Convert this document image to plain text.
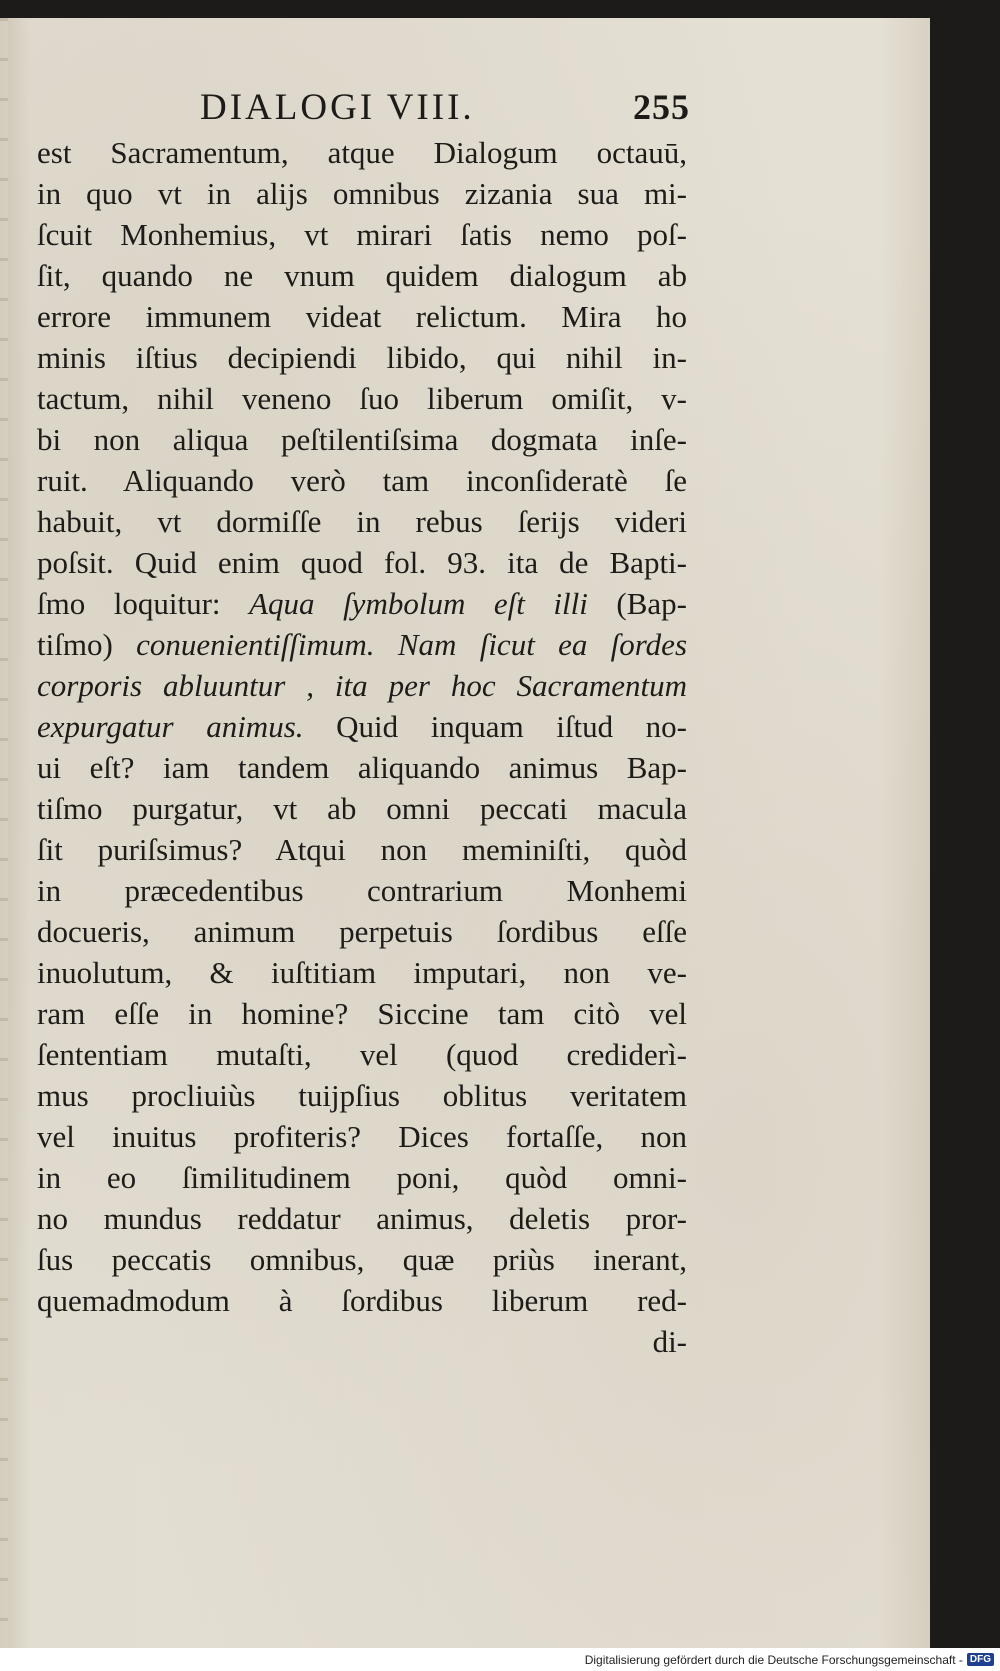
DIALOGI VIII.	255
est Sacramentum, atque Dialogum octauū,
in quo vt in alijs omnibus zizania sua mi-
ſcuit Monhemius, vt mirari ſatis nemo poſ-
ſit, quando ne vnum quidem dialogum ab
errore immunem videat relictum. Mira ho
minis iſtius decipiendi libido, qui nihil in-
tactum, nihil veneno ſuo liberum omiſit, v-
bi non aliqua peſtilentiſsima dogmata inſe-
ruit. Aliquando verò tam inconſideratè ſe
habuit, vt dormiſſe in rebus ſerijs videri
poſsit. Quid enim quod fol. 93. ita de Bapti-
ſmo loquitur: Aqua ſymbolum eſt illi (Bap-
tiſmo) conuenientiſſimum. Nam ſicut ea ſordes
corporis abluuntur , ita per hoc Sacramentum
expurgatur animus. Quid inquam iſtud no-
ui eſt? iam tandem aliquando animus Bap-
tiſmo purgatur, vt ab omni peccati macula
ſit puriſsimus? Atqui non meminiſti, quòd
in præcedentibus contrarium Monhemi
docueris, animum perpetuis ſordibus eſſe
inuolutum, & iuſtitiam imputari, non ve-
ram eſſe in homine? Siccine tam citò vel
ſententiam mutaſti, vel (quod crediderì-
mus procliuiùs tuijpſius oblitus veritatem
vel inuitus profiteris? Dices fortaſſe, non
in eo ſimilitudinem poni, quòd omni-
no mundus reddatur animus, deletis pror-
ſus peccatis omnibus, quæ priùs inerant,
quemadmodum à ſordibus liberum red-
di-
Digitalisierung gefördert durch die Deutsche Forschungsgemeinschaft - DFG
